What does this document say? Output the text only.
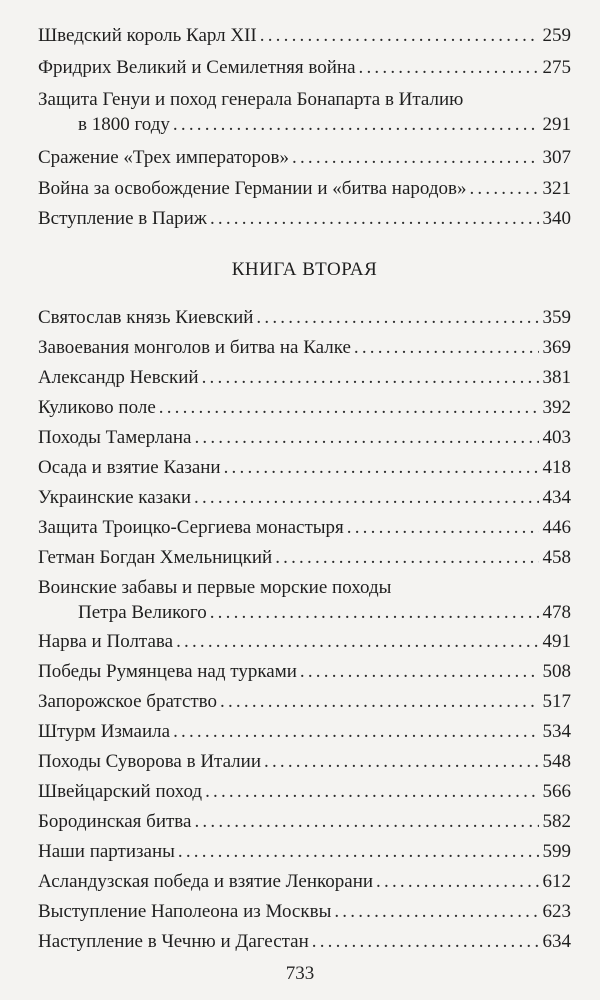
Шведский король Карл XII .....	259
Фридрих Великий и Семилетняя война .....	275
Защита Генуи и поход генерала Бонапарта в Италию
в 1800 году .....	291
Сражение «Трех императоров» .....	307
Война за освобождение Германии и «битва народов» .....	321
Вступление в Париж .....	340
КНИГА ВТОРАЯ
Святослав князь Киевский .....	359
Завоевания монголов и битва на Калке .....	369
Александр Невский .....	381
Куликово поле .....	392
Походы Тамерлана .....	403
Осада и взятие Казани .....	418
Украинские казаки .....	434
Защита Троицко-Сергиева монастыря .....	446
Гетман Богдан Хмельницкий .....	458
Воинские забавы и первые морские походы
Петра Великого .....	478
Нарва и Полтава .....	491
Победы Румянцева над турками .....	508
Запорожское братство .....	517
Штурм Измаила .....	534
Походы Суворова в Италии .....	548
Швейцарский поход .....	566
Бородинская битва .....	582
Наши партизаны .....	599
Асландузская победа и взятие Ленкорани .....	612
Выступление Наполеона из Москвы .....	623
Наступление в Чечню и Дагестан .....	634
733
